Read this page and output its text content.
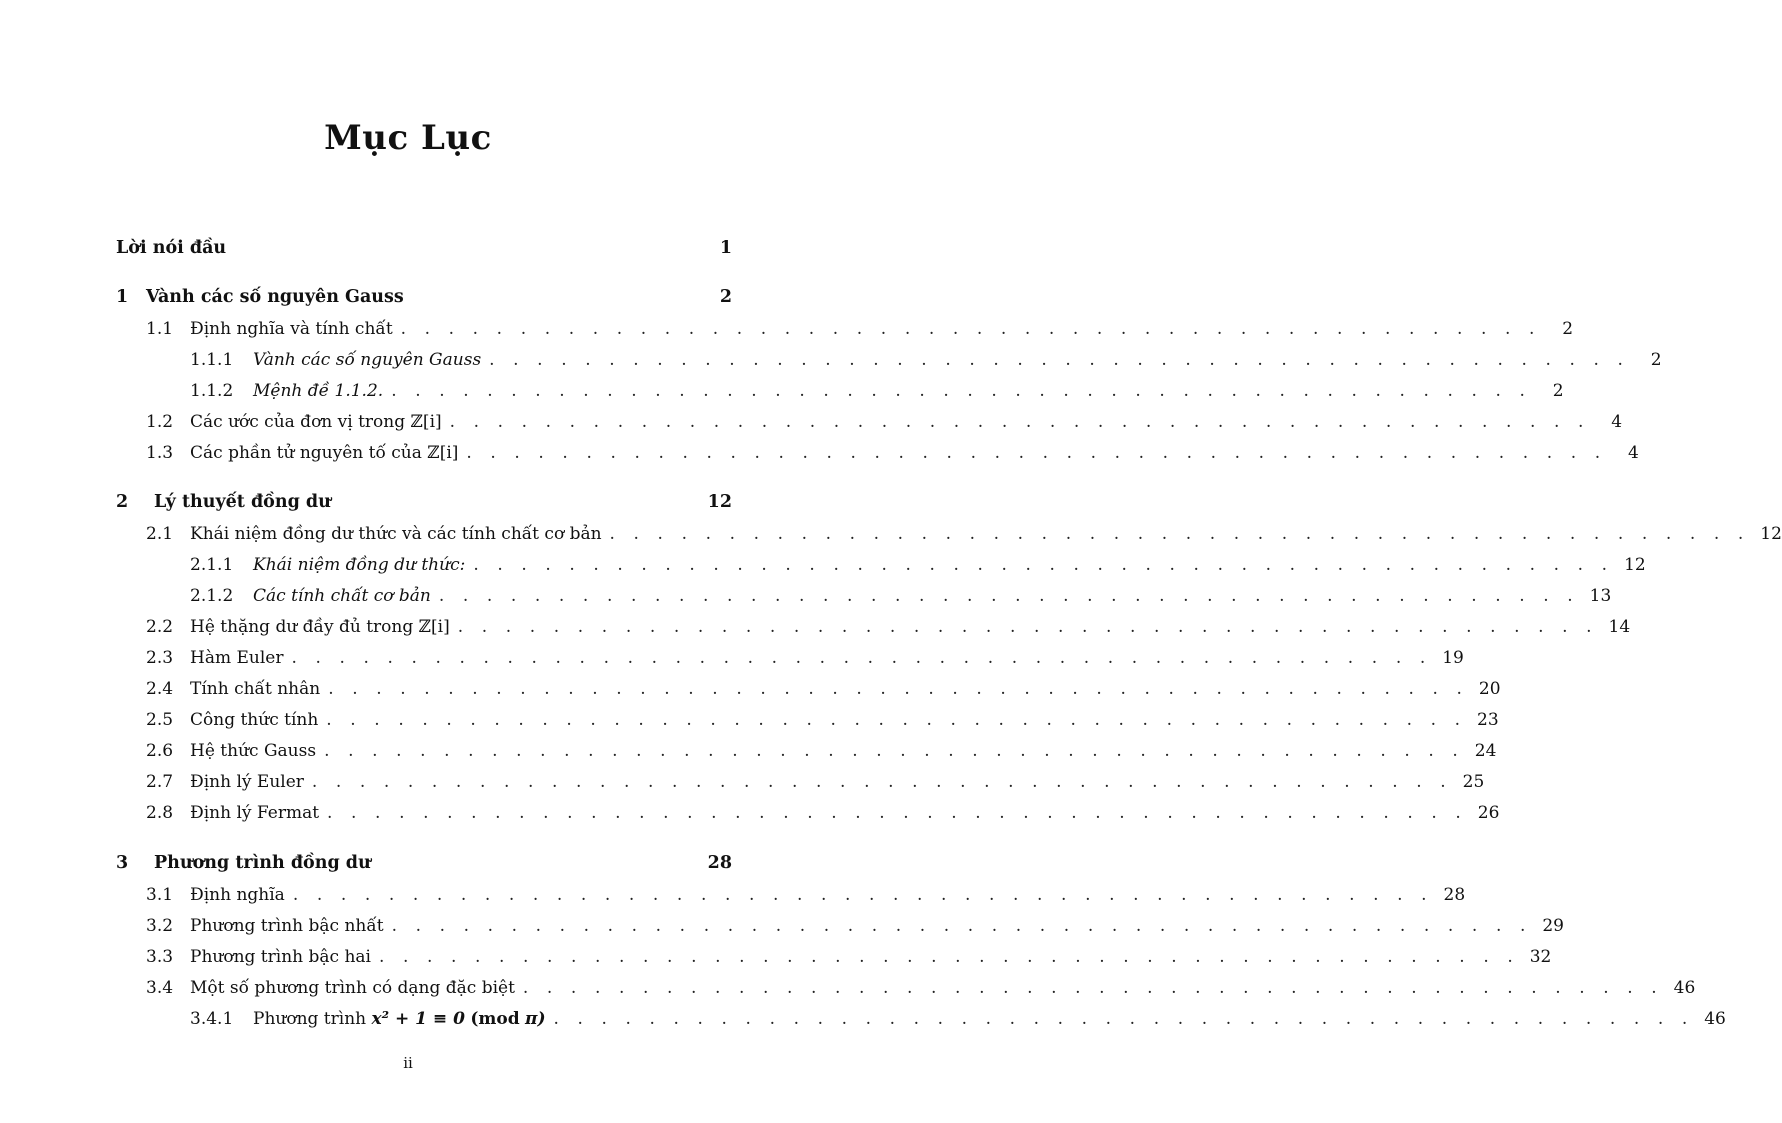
Mục Lục
Lời nói đầu	1
1	Vành các số nguyên Gauss	2
1.1 Định nghĩa và tính chất . . . . . . . . . . . . . . . . . . . . . . . . . . . . . . . . . . . . . . . . . . . . . . . .	2
1.1.1	Vành các số nguyên Gauss . . . . . . . . . . . . . . . . . . . . . . . . . . . . . . . . . . . . . . . . . . . . . . . .	2
1.1.2	Mệnh đề 1.1.2. . . . . . . . . . . . . . . . . . . . . . . . . . . . . . . . . . . . . . . . . . . . . . . . .	2
1.2 Các ước của đơn vị trong ℤ[i] . . . . . . . . . . . . . . . . . . . . . . . . . . . . . . . . . . . . . . . . . . . . . . . .	4
1.3 Các phần tử nguyên tố của ℤ[i] . . . . . . . . . . . . . . . . . . . . . . . . . . . . . . . . . . . . . . . . . . . . . . . .	4
2	Lý thuyết đồng dư	12
2.1 Khái niệm đồng dư thức và các tính chất cơ bản . . . . . . . . . . . . . . . . . . . . . . . . . . . . . . . . . . . . . . . . . . . . . . . . 12
2.1.1	Khái niệm đồng dư thức: . . . . . . . . . . . . . . . . . . . . . . . . . . . . . . . . . . . . . . . . . . . . . . . . 12
2.1.2	Các tính chất cơ bản . . . . . . . . . . . . . . . . . . . . . . . . . . . . . . . . . . . . . . . . . . . . . . . . 13
2.2 Hệ thặng dư đầy đủ trong ℤ[i] . . . . . . . . . . . . . . . . . . . . . . . . . . . . . . . . . . . . . . . . . . . . . . . . 14
2.3 Hàm Euler . . . . . . . . . . . . . . . . . . . . . . . . . . . . . . . . . . . . . . . . . . . . . . . . 19
2.4 Tính chất nhân . . . . . . . . . . . . . . . . . . . . . . . . . . . . . . . . . . . . . . . . . . . . . . . . 20
2.5 Công thức tính . . . . . . . . . . . . . . . . . . . . . . . . . . . . . . . . . . . . . . . . . . . . . . . . 23
2.6 Hệ thức Gauss . . . . . . . . . . . . . . . . . . . . . . . . . . . . . . . . . . . . . . . . . . . . . . . . 24
2.7 Định lý Euler . . . . . . . . . . . . . . . . . . . . . . . . . . . . . . . . . . . . . . . . . . . . . . . . 25
2.8 Định lý Fermat . . . . . . . . . . . . . . . . . . . . . . . . . . . . . . . . . . . . . . . . . . . . . . . . 26
3	Phương trình đồng dư	28
3.1 Định nghĩa . . . . . . . . . . . . . . . . . . . . . . . . . . . . . . . . . . . . . . . . . . . . . . . . 28
3.2 Phương trình bậc nhất . . . . . . . . . . . . . . . . . . . . . . . . . . . . . . . . . . . . . . . . . . . . . . . . 29
3.3 Phương trình bậc hai . . . . . . . . . . . . . . . . . . . . . . . . . . . . . . . . . . . . . . . . . . . . . . . . 32
3.4 Một số phương trình có dạng đặc biệt . . . . . . . . . . . . . . . . . . . . . . . . . . . . . . . . . . . . . . . . . . . . . . . . 46
3.4.1	Phương trình x² + 1 ≡ 0 (mod π) . . . . . . . . . . . . . . . . . . . . . . . . . . . . . . . . . . . . . . . . . . . . . . . . 46
ii
